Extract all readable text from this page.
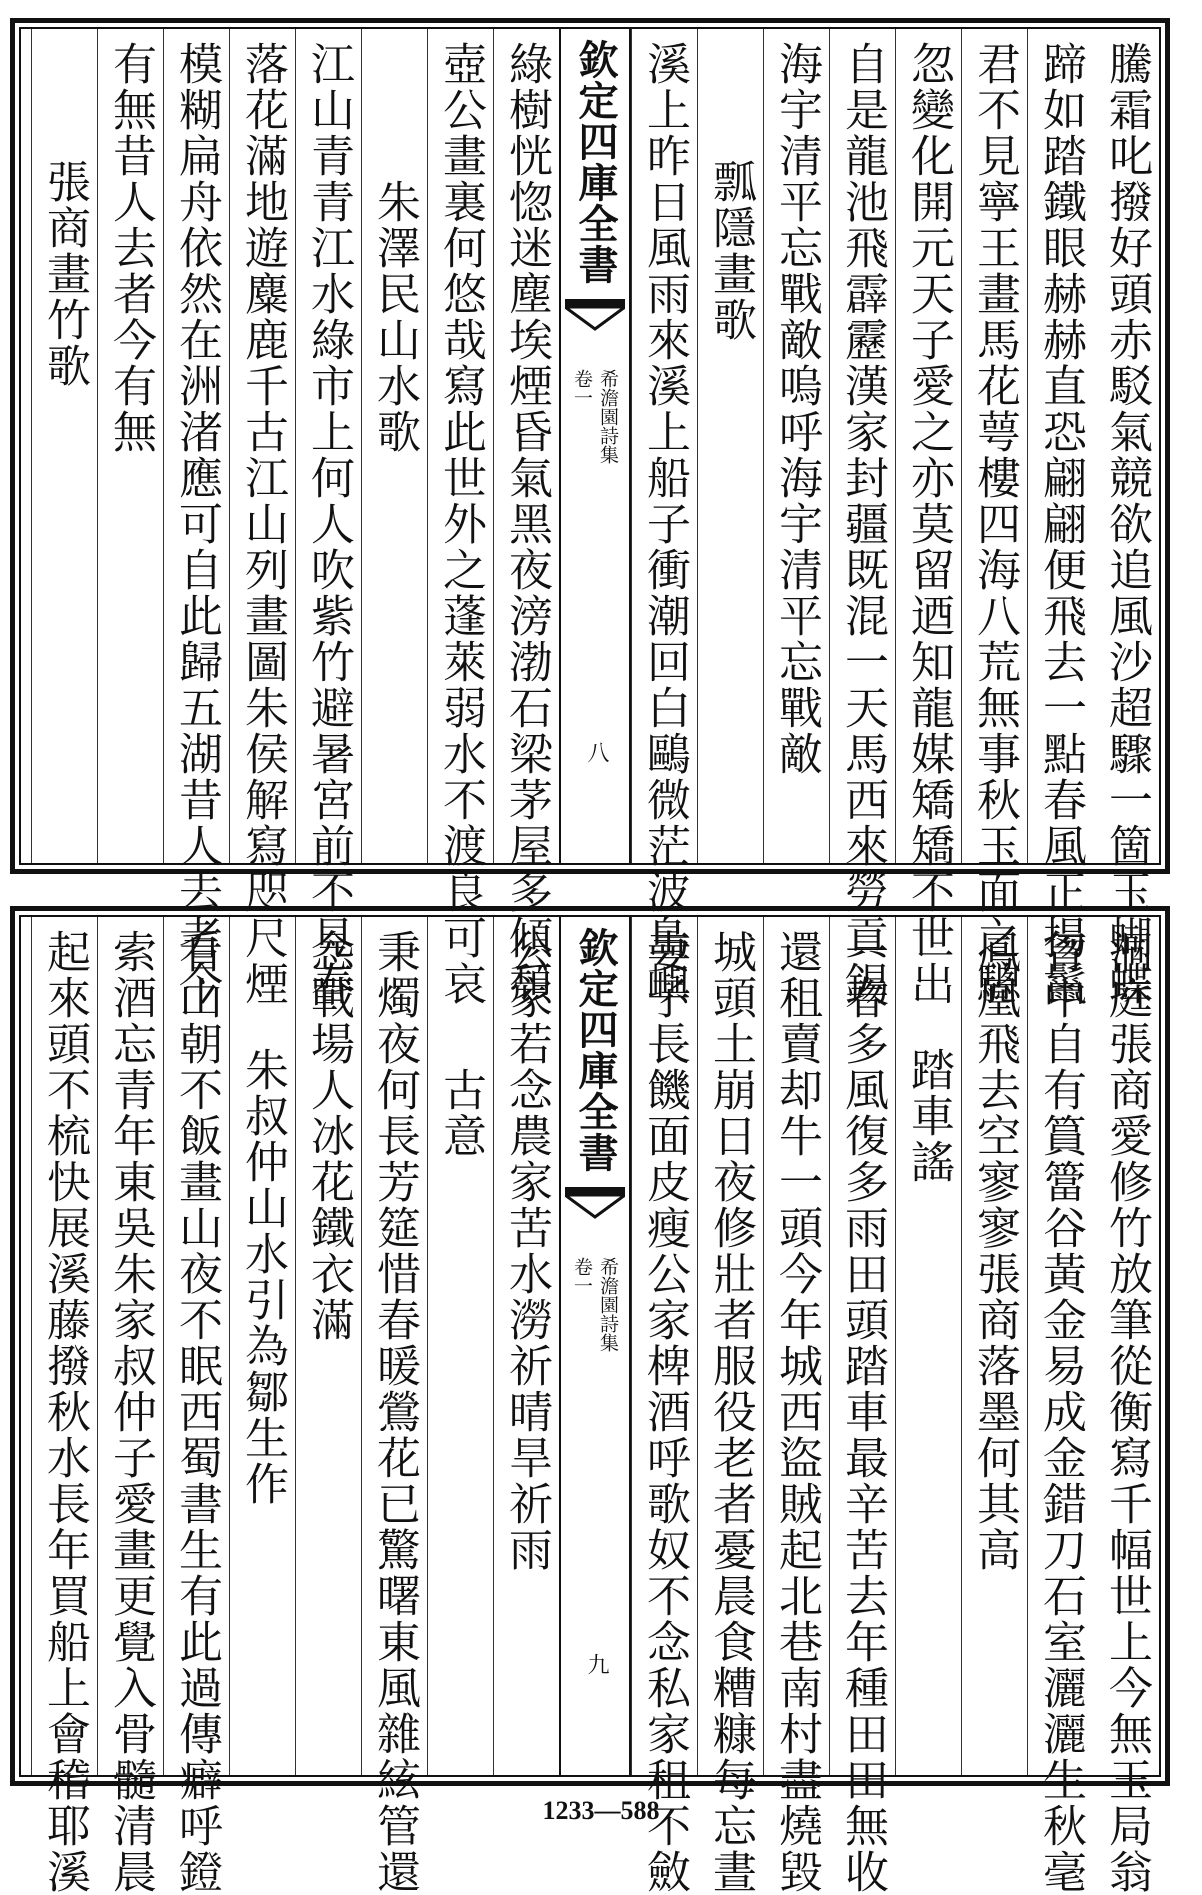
騰霜叱撥好頭赤駁氣競欲追風沙超驟一箇玉蝴蝶
蹄如踏鐵眼赫赫直恐翩翩便飛去一點春風正揚鬣
君不見寧王畫馬花萼樓四海八荒無事秋玉面之驄
忽變化開元天子愛之亦莫留迺知龍媒矯矯不世出
自是龍池飛霹靂漢家封疆既混一天馬西來勞貢錫
海宇清平忘戰敵嗚呼海宇清平忘戰敵
瓢隱畫歌
溪上昨日風雨來溪上船子衝潮回白鷗微茫波島嶼
欽定四庫全書
希澹園詩集
卷一
八
綠樹恍惚迷塵埃煙昏氣黑夜滂渤石梁茅屋多傾頹
壺公畫裏何悠哉寫此世外之蓬萊弱水不渡良可哀
朱澤民山水歌
江山青青江水綠市上何人吹紫竹避暑宮前不見春
落花滿地遊麋鹿千古江山列畫圖朱侯解寫咫尺煙
模糊扁舟依然在洲渚應可自此歸五湖昔人去者今
有無昔人去者今有無
張商畫竹歌
洞庭張商愛修竹放筆從衡寫千幅世上今無玉局翁
胷中自有篔簹谷黃金易成金錯刀石室灑灑生秋毫
鳳凰飛去空寥寥張商落墨何其高
踏車謠
一春多風復多雨田頭踏車最辛苦去年種田田無收
還租賣却牛一頭今年城西盜賊起北巷南村盡燒毀
城頭土崩日夜修壯者服役老者憂晨食糟糠每忘晝
妻子長饑面皮瘦公家椑酒呼歌奴不念私家租不斂
欽定四庫全書
希澹園詩集
卷一
九
公家若念農家苦水澇祈晴旱祈雨
古意
秉燭夜何長芳筵惜春暖鶯花已驚曙東風雜絃管還
念戰場人冰花鐵衣滿
朱叔仲山水引為鄒生作
看山朝不飯畫山夜不眠西蜀書生有此過傳癖呼鐙
索酒忘青年東吳朱家叔仲子愛畫更覺入骨髓清晨
起來頭不梳快展溪藤撥秋水長年買船上會稽耶溪	1233—588
